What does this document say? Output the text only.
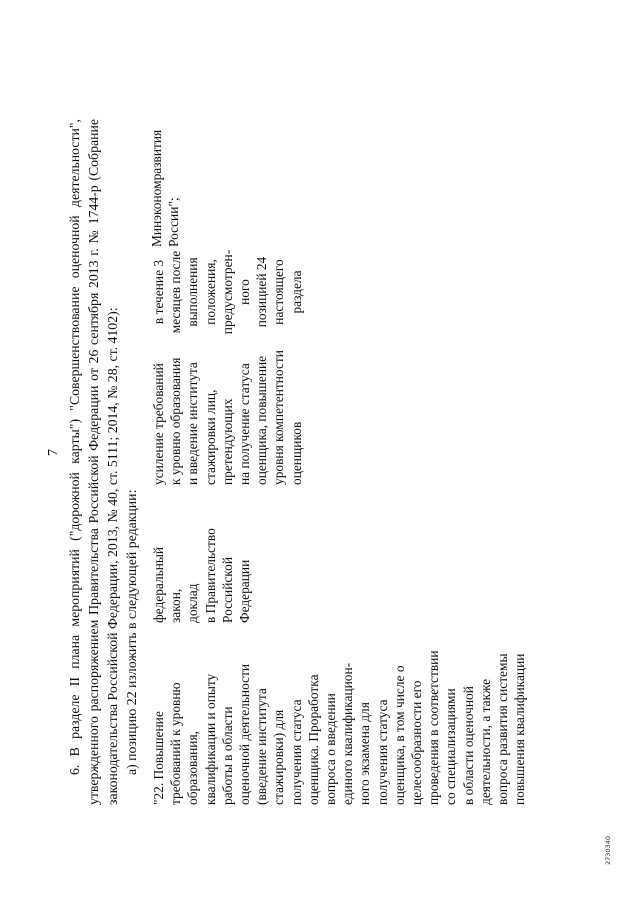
7 6. В разделе II плана мероприятий ("дорожной карты") "Совершенствование оценочной деятельности", утвержденного распоряжением Правительства Российской Федерации от 26 сентября 2013 г. № 1744-р (Собрание законодательства Российской Федерации, 2013, № 40, ст. 5111; 2014, № 28, ст. 4102): а) позицию 22 изложить в следующей редакции:

"22. Повышение
требований к уровню
образования,
квалификации и опыту
работы в области
оценочной деятельности
(введение института
стажировки) для
получения статуса
оценщика. Проработка
вопроса о введении
единого квалификацион-
ного экзамена для
получения статуса
оценщика, в том числе о
целесообразности его
проведения в соответствии
со специализациями
в области оценочной
деятельности, а также
вопроса развития системы
повышения квалификации
федеральный
закон,
доклад
в Правительство
Российской
Федерации
усиление требований
к уровню образования
и введение института
стажировки лиц,
претендующих
на получение статуса
оценщика, повышение
уровня компетентности
оценщиков
в течение 3
месяцев после
выполнения
положения,
предусмотрен-
ного
позицией 24
настоящего
раздела
Минэкономразвития
России";
2730340
